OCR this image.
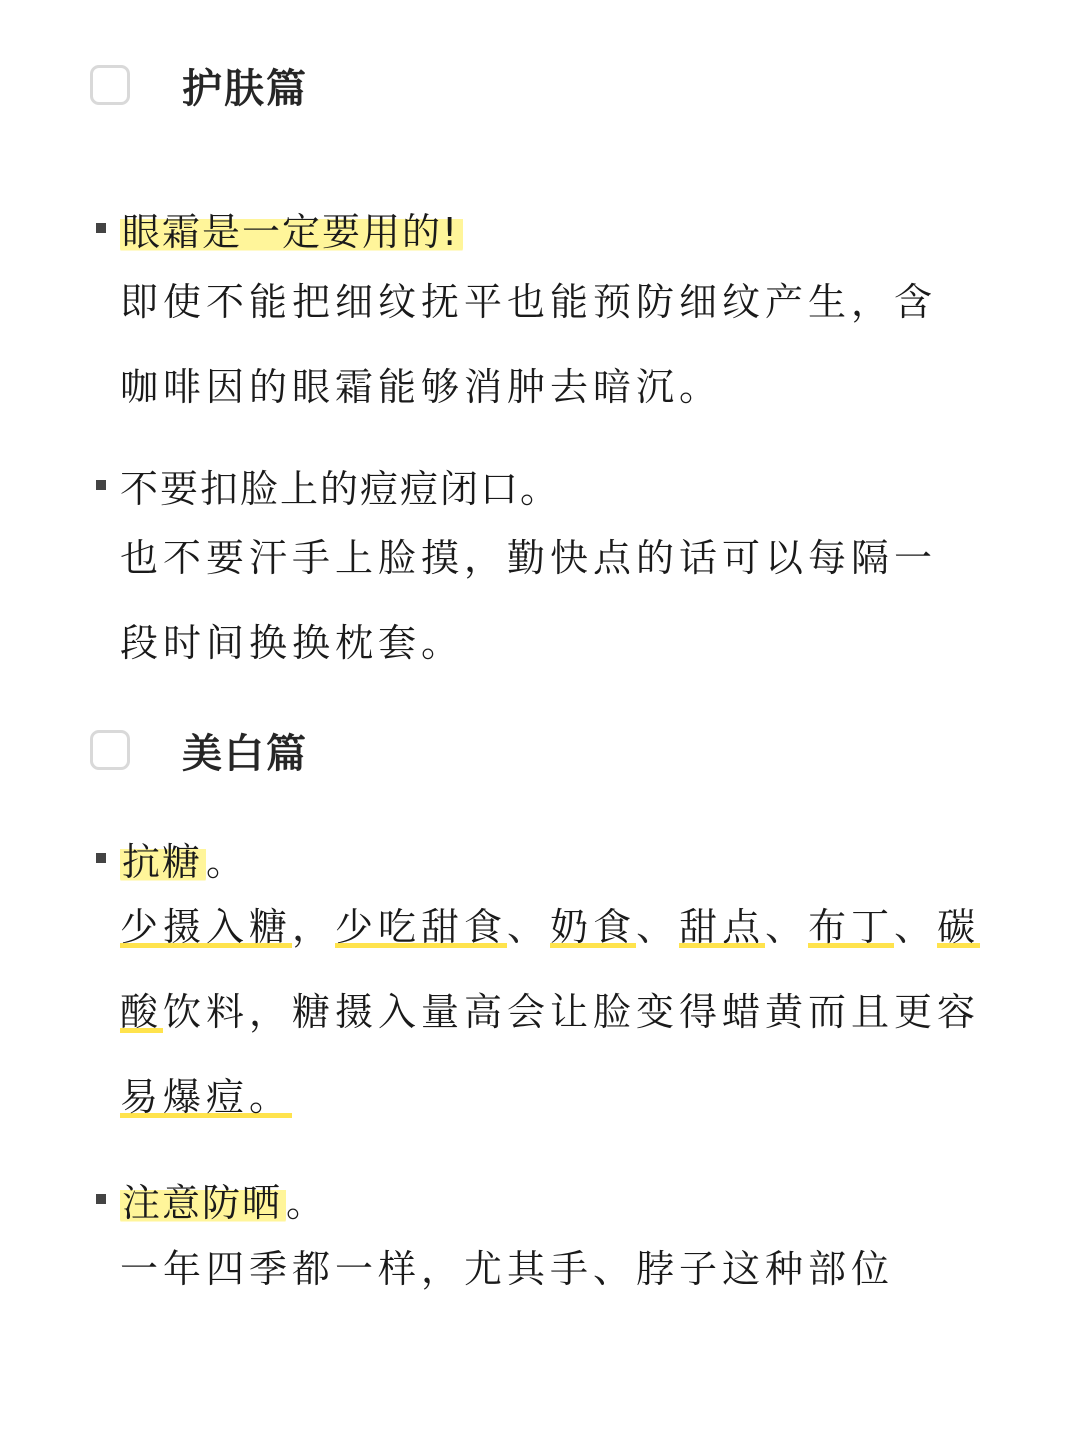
护肤篇
眼霜是一定要用的!
即使不能把细纹抚平也能预防细纹产生，含
咖啡因的眼霜能够消肿去暗沉。
不要扣脸上的痘痘闭口。
也不要汗手上脸摸，勤快点的话可以每隔一
段时间换换枕套。
美白篇
抗糖 。
少摄入糖，少吃甜食、奶食、甜点、布丁、碳
酸饮料，糖摄入量高会让脸变得蜡黄而且更容
易爆痘。
注意防晒 。
一年四季都一样，尤其手、脖子这种部位
